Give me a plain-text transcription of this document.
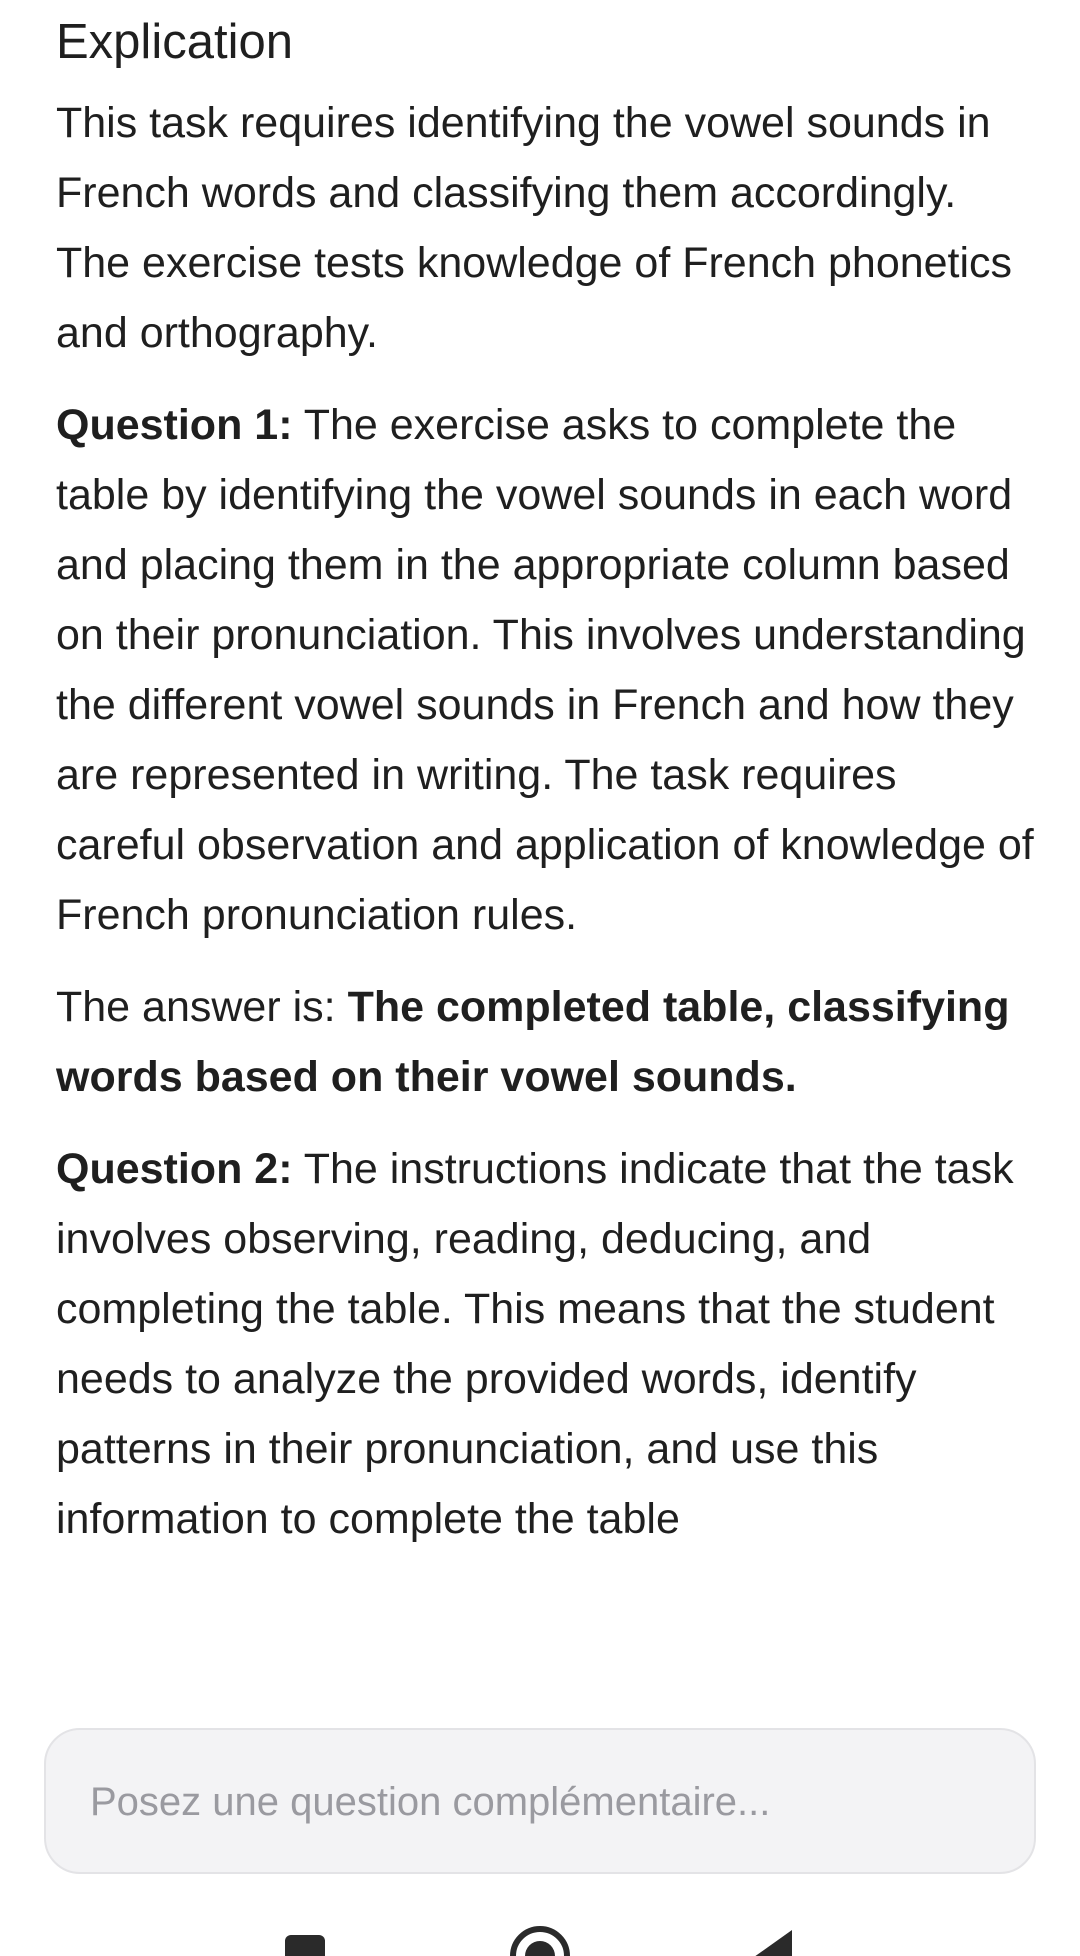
Explication

This task requires identifying the vowel sounds in French words and classifying them accordingly. The exercise tests knowledge of French phonetics and orthography.

Question 1: The exercise asks to complete the table by identifying the vowel sounds in each word and placing them in the appropriate column based on their pronunciation. This involves understanding the different vowel sounds in French and how they are represented in writing. The task requires careful observation and application of knowledge of French pronunciation rules.

The answer is: The completed table, classifying words based on their vowel sounds.

Question 2: The instructions indicate that the task involves observing, reading, deducing, and completing the table. This means that the student needs to analyze the provided words, identify patterns in their pronunciation, and use this information to complete the table

Posez une question complémentaire...
